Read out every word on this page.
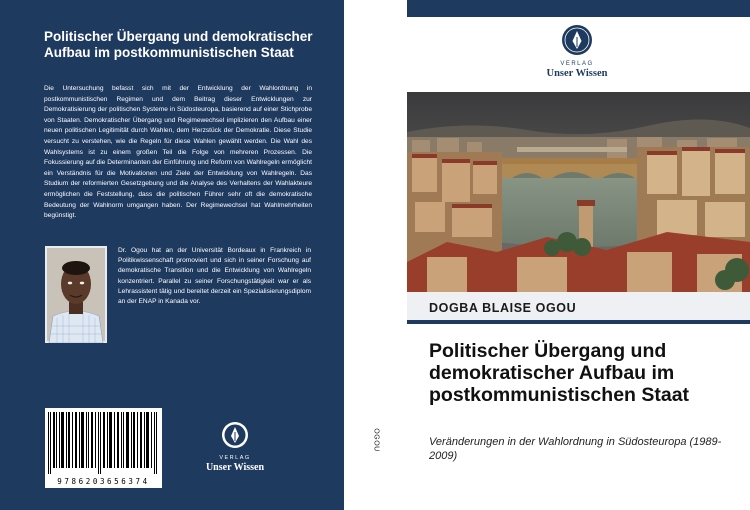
Politischer Übergang und demokratischer Aufbau im postkommunistischen Staat
Die Untersuchung befasst sich mit der Entwicklung der Wahlordnung in postkommunistischen Regimen und dem Beitrag dieser Entwicklungen zur Demokratisierung der politischen Systeme in Südosteuropa, basierend auf einer Stichprobe von Staaten. Demokratischer Übergang und Regimewechsel implizieren den Aufbau einer neuen politischen Legitimität durch Wahlen, dem Herzstück der Demokratie. Diese Studie versucht zu verstehen, wie die Regeln für diese Wahlen gewählt werden. Die Wahl des Wahlsystems ist zu einem großen Teil die Folge von mehreren Prozessen. Die Fokussierung auf die Determinanten der Einführung und Reform von Wahlregeln ermöglicht ein Verständnis für die Motivationen und Ziele der Entwicklung von Wahlregeln. Das Studium der reformierten Gesetzgebung und die Analyse des Verhaltens der Wahlakteure ermöglichen die Feststellung, dass die politischen Führer sehr oft die demokratische Bedeutung der Wahlnorm umgangen haben. Der Regimewechsel hat Wahlmehrheiten begünstigt.
Dr. Ogou hat an der Universität Bordeaux in Frankreich in Politikwissenschaft promoviert und sich in seiner Forschung auf demokratische Transition und die Entwicklung von Wahlregeln konzentriert. Parallel zu seiner Forschungstätigkeit war er als Lehrassistent tätig und bereitet derzeit ein Spezialisierungsdiplom an der ENAP in Kanada vor.
9786203656374
VERLAG
Unser Wissen
OGOU
VERLAG
Unser Wissen
DOGBA BLAISE OGOU
Politischer Übergang und demokratischer Aufbau im postkommunistischen Staat
Veränderungen in der Wahlordnung in Südosteuropa (1989-2009)
